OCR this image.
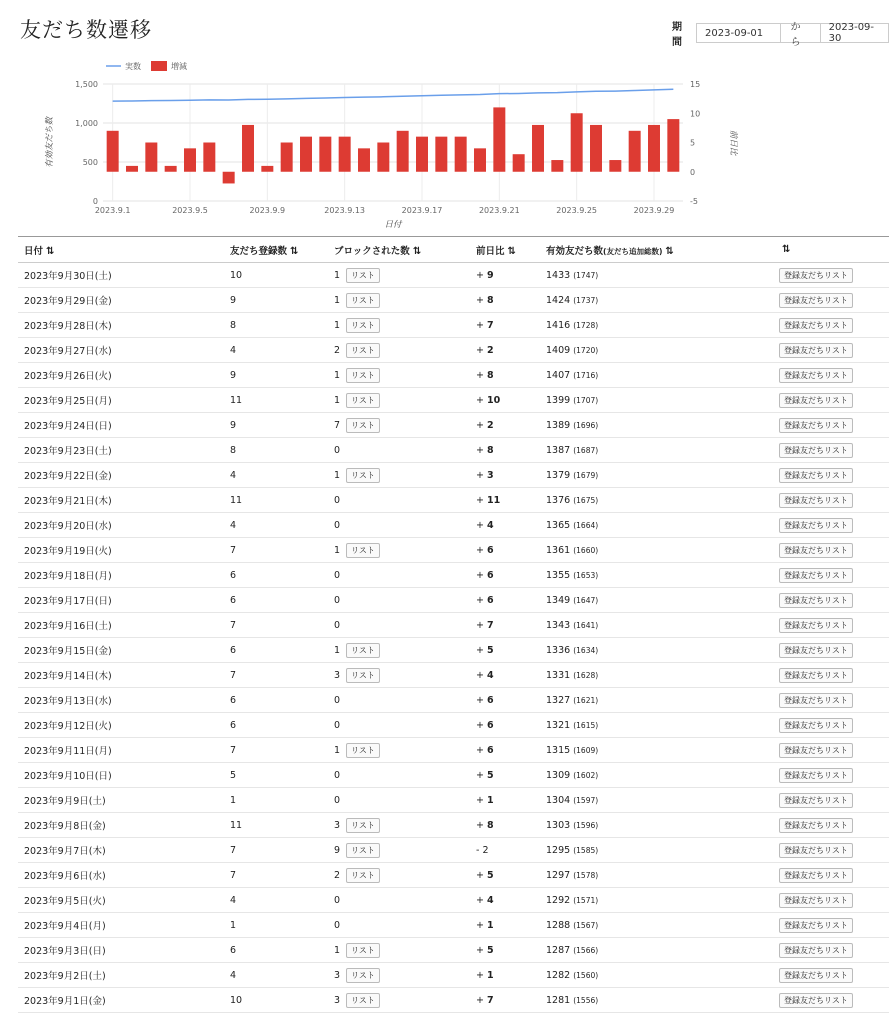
友だち数遷移	期間
2023-09-01	から
2023-09-30
0
500
1,000
1,500
-5
0
5
10
15
2023.9.1	2023.9.5	2023.9.9	2023.9.13	2023.9.17	2023.9.21	2023.9.25	2023.9.29
日付
有効友だち数	前日比
実数	増減
日付 ⇅	友だち登録数 ⇅	ブロックされた数 ⇅	前日比 ⇅	有効友だち数(友だち追加総数) ⇅	⇅
2023年9月30日(土)	10	1 リスト	+ 9	1433 (1747)	登録友だちリスト
2023年9月29日(金)	9	1 リスト	+ 8	1424 (1737)	登録友だちリスト
2023年9月28日(木)	8	1 リスト	+ 7	1416 (1728)	登録友だちリスト
2023年9月27日(水)	4	2 リスト	+ 2	1409 (1720)	登録友だちリスト
2023年9月26日(火)	9	1 リスト	+ 8	1407 (1716)	登録友だちリスト
2023年9月25日(月)	11	1 リスト	+ 10	1399 (1707)	登録友だちリスト
2023年9月24日(日)	9	7 リスト	+ 2	1389 (1696)	登録友だちリスト
2023年9月23日(土)	8	0	+ 8	1387 (1687)	登録友だちリスト
2023年9月22日(金)	4	1 リスト	+ 3	1379 (1679)	登録友だちリスト
2023年9月21日(木)	11	0	+ 11	1376 (1675)	登録友だちリスト
2023年9月20日(水)	4	0	+ 4	1365 (1664)	登録友だちリスト
2023年9月19日(火)	7	1 リスト	+ 6	1361 (1660)	登録友だちリスト
2023年9月18日(月)	6	0	+ 6	1355 (1653)	登録友だちリスト
2023年9月17日(日)	6	0	+ 6	1349 (1647)	登録友だちリスト
2023年9月16日(土)	7	0	+ 7	1343 (1641)	登録友だちリスト
2023年9月15日(金)	6	1 リスト	+ 5	1336 (1634)	登録友だちリスト
2023年9月14日(木)	7	3 リスト	+ 4	1331 (1628)	登録友だちリスト
2023年9月13日(水)	6	0	+ 6	1327 (1621)	登録友だちリスト
2023年9月12日(火)	6	0	+ 6	1321 (1615)	登録友だちリスト
2023年9月11日(月)	7	1 リスト	+ 6	1315 (1609)	登録友だちリスト
2023年9月10日(日)	5	0	+ 5	1309 (1602)	登録友だちリスト
2023年9月9日(土)	1	0	+ 1	1304 (1597)	登録友だちリスト
2023年9月8日(金)	11	3 リスト	+ 8	1303 (1596)	登録友だちリスト
2023年9月7日(木)	7	9 リスト	- 2	1295 (1585)	登録友だちリスト
2023年9月6日(水)	7	2 リスト	+ 5	1297 (1578)	登録友だちリスト
2023年9月5日(火)	4	0	+ 4	1292 (1571)	登録友だちリスト
2023年9月4日(月)	1	0	+ 1	1288 (1567)	登録友だちリスト
2023年9月3日(日)	6	1 リスト	+ 5	1287 (1566)	登録友だちリスト
2023年9月2日(土)	4	3 リスト	+ 1	1282 (1560)	登録友だちリスト
2023年9月1日(金)	10	3 リスト	+ 7	1281 (1556)	登録友だちリスト
